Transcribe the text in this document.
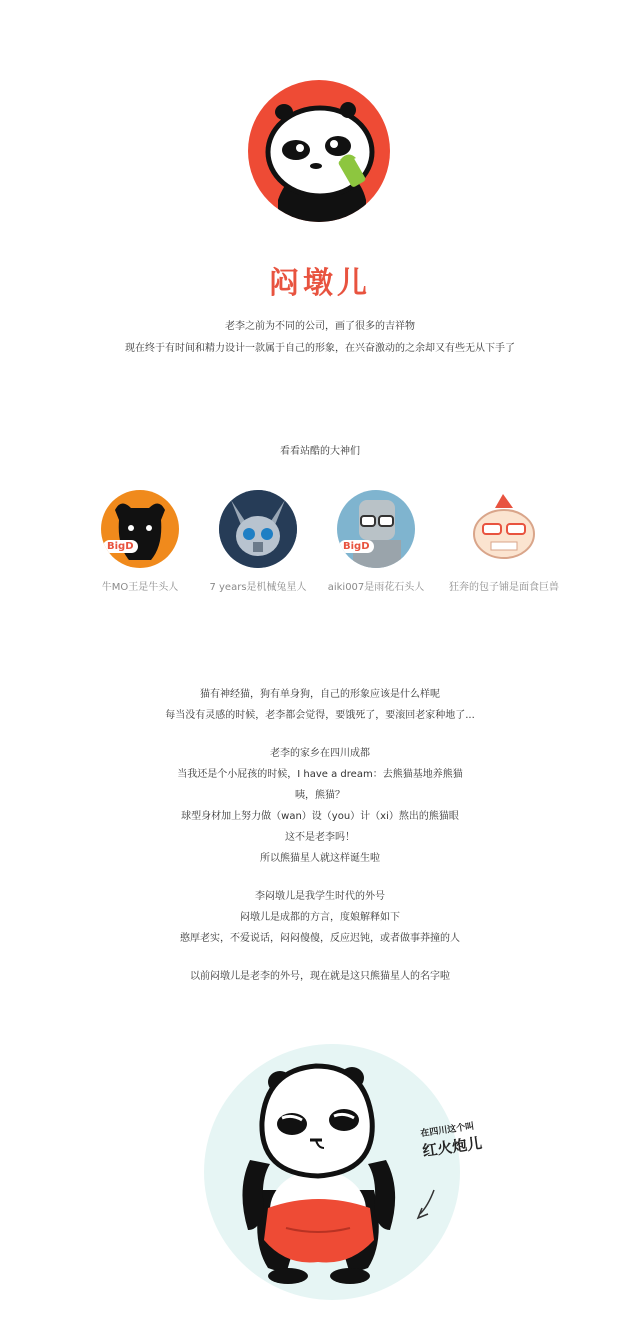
闷墩儿

老李之前为不同的公司，画了很多的吉祥物

现在终于有时间和精力设计一款属于自己的形象，在兴奋激动的之余却又有些无从下手了

看看站酷的大神们
BigD
牛MO王是牛头人	7 years是机械兔星人
BigD
aiki007是雨花石头人	狂奔的包子铺是面食巨兽

猫有神经猫，狗有单身狗，自己的形象应该是什么样呢

每当没有灵感的时候，老李都会觉得，要饿死了，要滚回老家种地了...

老李的家乡在四川成都

当我还是个小屁孩的时候，I have a dream：去熊猫基地养熊猫

咦，熊猫？

球型身材加上努力做（wan）设（you）计（xi）熬出的熊猫眼

这不是老李吗！

所以熊猫星人就这样诞生啦

李闷墩儿是我学生时代的外号

闷墩儿是成都的方言，度娘解释如下

憨厚老实，不爱说话，闷闷傻傻，反应迟钝，或者做事莽撞的人

以前闷墩儿是老李的外号，现在就是这只熊猫星人的名字啦

在四川这个叫
红火炮儿
